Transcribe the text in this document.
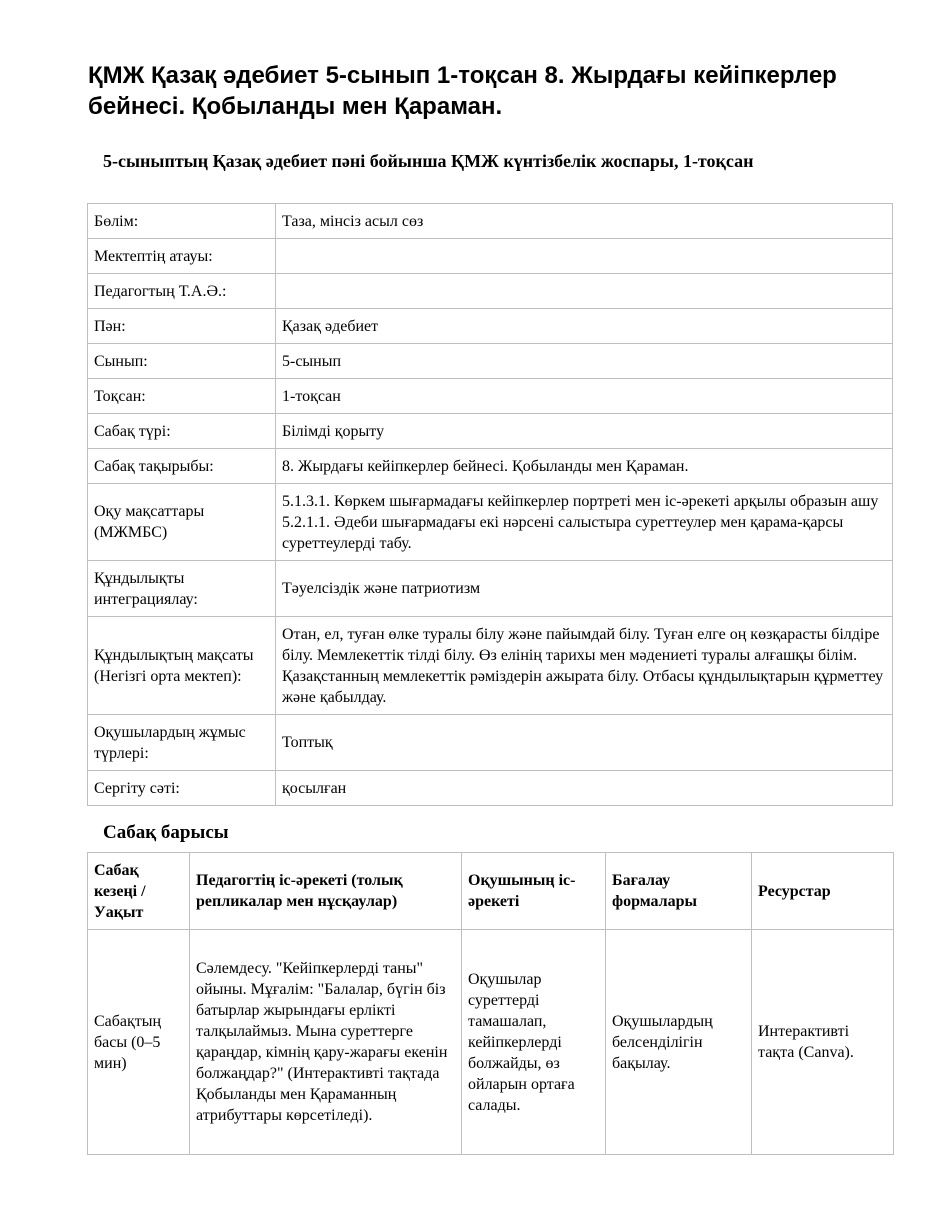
ҚМЖ Қазақ әдебиет 5-сынып 1-тоқсан 8. Жырдағы кейіпкерлер бейнесі. Қобыланды мен Қараман.
5-сыныптың Қазақ әдебиет пәні бойынша ҚМЖ күнтізбелік жоспары, 1-тоқсан
Бөлім:	Таза, мінсіз асыл сөз
Мектептің атауы:	
Педагогтың Т.А.Ә.:	
Пән:	Қазақ әдебиет
Сынып:	5-сынып
Тоқсан:	1-тоқсан
Сабақ түрі:	Білімді қорыту
Сабақ тақырыбы:	8. Жырдағы кейіпкерлер бейнесі. Қобыланды мен Қараман.
Оқу мақсаттары (МЖМБС)	5.1.3.1. Көркем шығармадағы кейіпкерлер портреті мен іс-әрекеті арқылы образын ашу 5.2.1.1. Әдеби шығармадағы екі нәрсені салыстыра суреттеулер мен қарама-қарсы суреттеулерді табу.
Құндылықты интеграциялау:	Тәуелсіздік және патриотизм
Құндылықтың мақсаты (Негізгі орта мектеп):	Отан, ел, туған өлке туралы білу және пайымдай білу. Туған елге оң көзқарасты білдіре білу. Мемлекеттік тілді білу. Өз елінің тарихы мен мәдениеті туралы алғашқы білім. Қазақстанның мемлекеттік рәміздерін ажырата білу. Отбасы құндылықтарын құрметтеу және қабылдау.
Оқушылардың жұмыс түрлері:	Топтық
Сергіту сәті:	қосылған
Сабақ барысы
Сабақ кезеңі / Уақыт	Педагогтің іс-әрекеті (толық репликалар мен нұсқаулар)	Оқушының іс-әрекеті	Бағалау формалары	Ресурстар
Сабақтың басы (0–5 мин)	Сәлемдесу. "Кейіпкерлерді таны" ойыны. Мұғалім: "Балалар, бүгін біз батырлар жырындағы ерлікті талқылаймыз. Мына суреттерге қараңдар, кімнің қару-жарағы екенін болжаңдар?" (Интерактивті тақтада Қобыланды мен Қараманның атрибуттары көрсетіледі).	Оқушылар суреттерді тамашалап, кейіпкерлерді болжайды, өз ойларын ортаға салады.	Оқушылардың белсенділігін бақылау.	Интерактивті тақта (Canva).
